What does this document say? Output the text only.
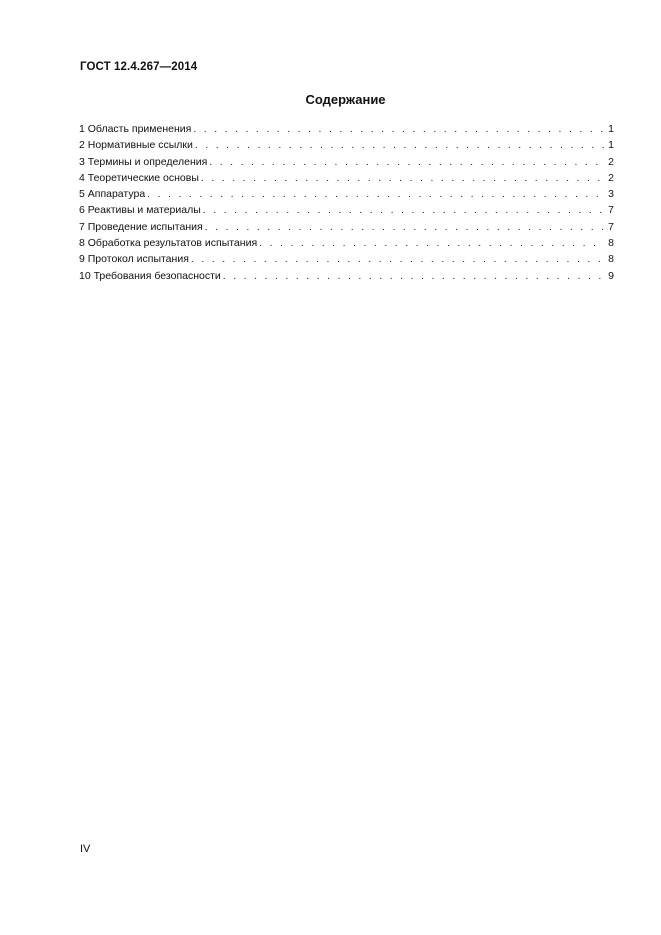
ГОСТ 12.4.267—2014
Содержание
1 Область применения . . .	1
2 Нормативные ссылки . . .	1
3 Термины и определения . . .	2
4 Теоретические основы . . .	2
5 Аппаратура . . .	3
6 Реактивы и материалы . . .	7
7 Проведение испытания . . .	7
8 Обработка результатов испытания . . .	8
9 Протокол испытания . . .	8
10 Требования безопасности . . .	9
IV
